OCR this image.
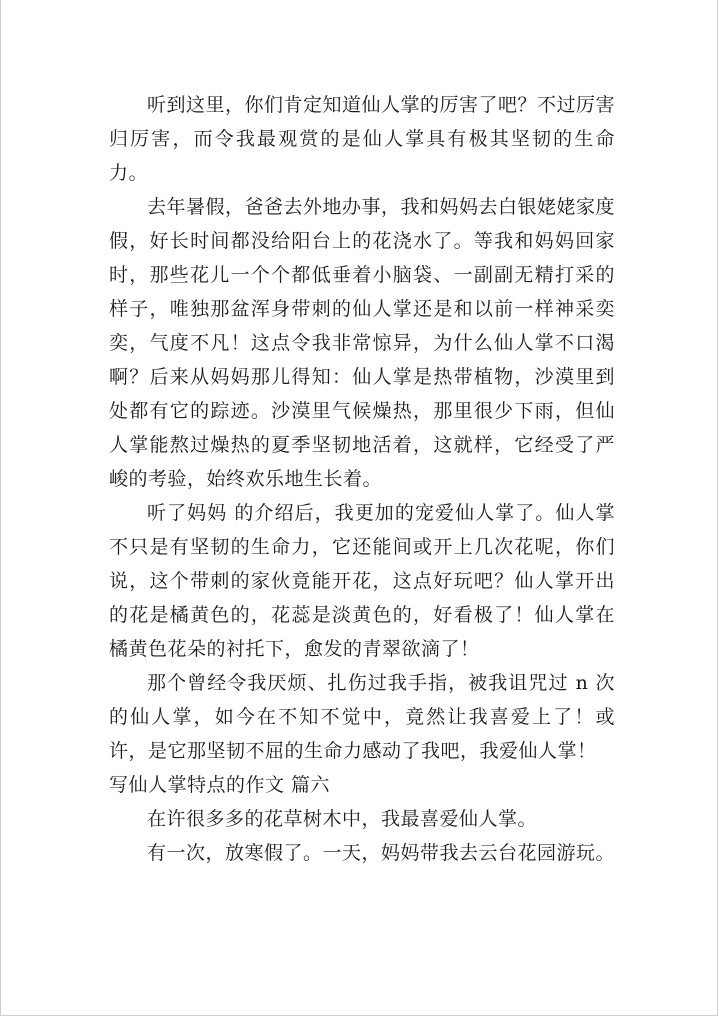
听到这里，你们肯定知道仙人掌的厉害了吧？不过厉害归厉害，而令我最观赏的是仙人掌具有极其坚韧的生命力。

去年暑假，爸爸去外地办事，我和妈妈去白银姥姥家度假，好长时间都没给阳台上的花浇水了。等我和妈妈回家时，那些花儿一个个都低垂着小脑袋、一副副无精打采的样子，唯独那盆浑身带刺的仙人掌还是和以前一样神采奕奕，气度不凡！这点令我非常惊异，为什么仙人掌不口渴啊？后来从妈妈那儿得知：仙人掌是热带植物，沙漠里到处都有它的踪迹。沙漠里气候燥热，那里很少下雨，但仙人掌能熬过燥热的夏季坚韧地活着，这就样，它经受了严峻的考验，始终欢乐地生长着。

听了妈妈 的介绍后，我更加的宠爱仙人掌了。仙人掌不只是有坚韧的生命力，它还能间或开上几次花呢，你们说，这个带刺的家伙竟能开花，这点好玩吧？仙人掌开出的花是橘黄色的，花蕊是淡黄色的，好看极了！仙人掌在橘黄色花朵的衬托下，愈发的青翠欲滴了！

那个曾经令我厌烦、扎伤过我手指，被我诅咒过 n 次的仙人掌，如今在不知不觉中，竟然让我喜爱上了！或许，是它那坚韧不屈的生命力感动了我吧，我爱仙人掌！

写仙人掌特点的作文 篇六

在许很多多的花草树木中，我最喜爱仙人掌。

有一次，放寒假了。一天，妈妈带我去云台花园游玩。
